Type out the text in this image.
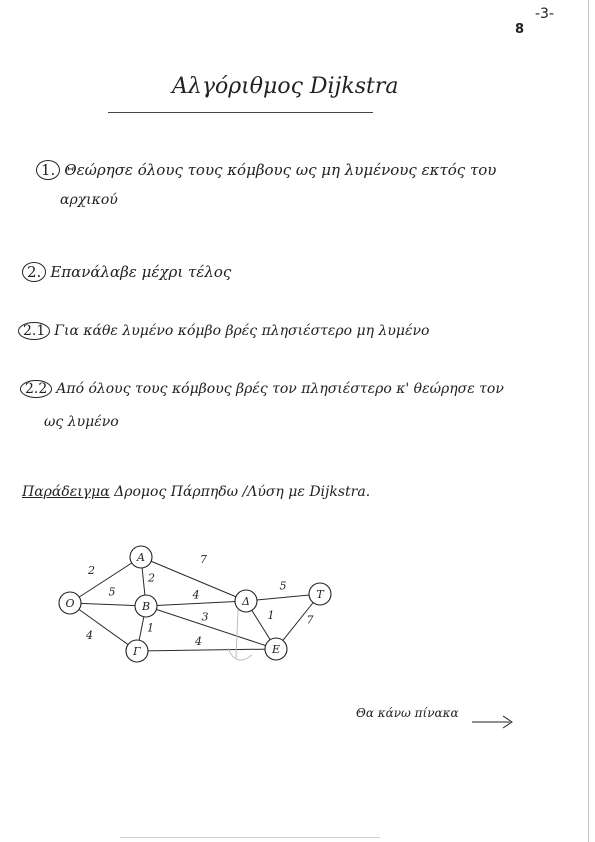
8
-3-
Αλγόριθμος Dijkstra
1. Θεώρησε όλους τους κόμβους ως μη λυμένους εκτός του
αρχικού
2. Επανάλαβε μέχρι τέλος
2.1 Για κάθε λυμένο κόμβο βρές πλησιέστερο μη λυμένο
2.2 Από όλους τους κόμβους βρές τον πλησιέστερο κ' θεώρησε τον
ως λυμένο
Παράδειγμα Δρομος Πάρπηδω /Λύση με Dijkstra.
2
5
4
2
7
4
3
1
4
1
5
7
Ο
Α
Β
Γ
Δ
Ε
Τ
Θα κάνω πίνακα
